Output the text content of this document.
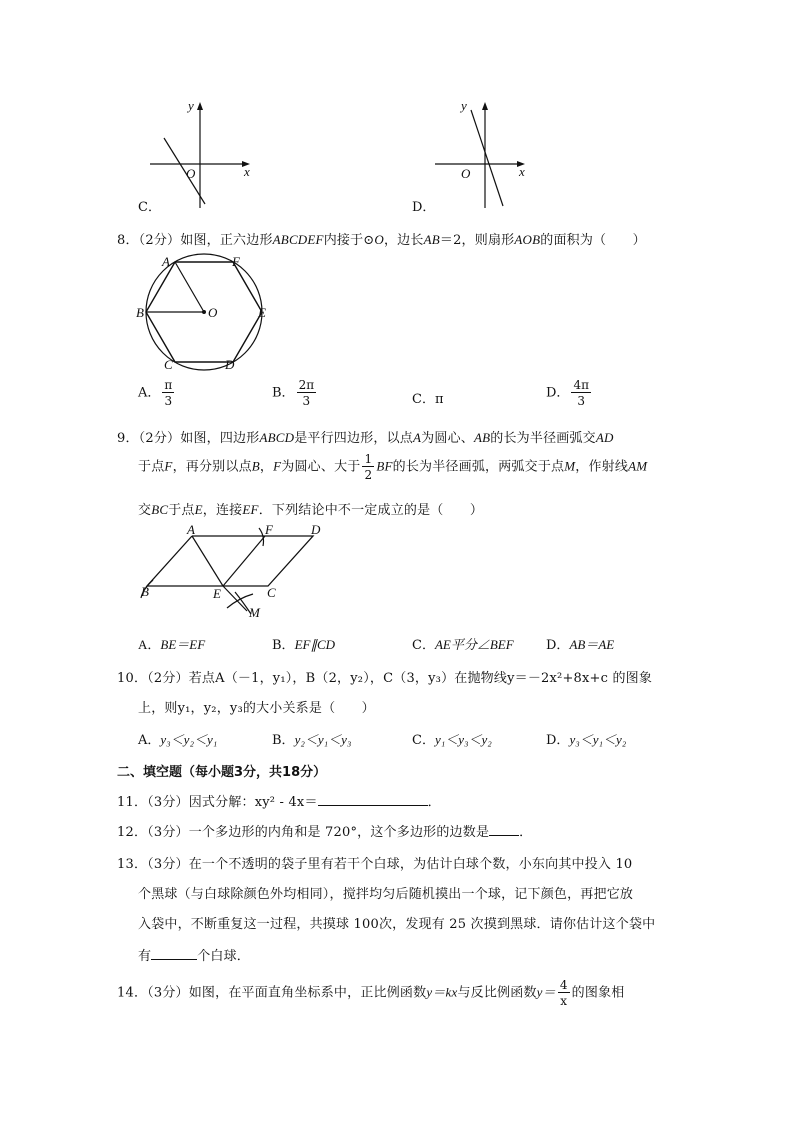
y
x
O
C．
y
x
O
D．
8．（2分）如图，正六边形ABCDEF内接于⊙O，边长AB＝2，则扇形AOB的面积为（　　）
A	F
B	O	E
C	D
A． $\frac{\pi}{3}$	B． $\frac{2\pi}{3}$	C．π	D． $\frac{4\pi}{3}$
9．（2分）如图，四边形ABCD是平行四边形，以点A为圆心、AB的长为半径画弧交AD
于点F，再分别以点B，F为圆心、大于 $\frac{1}{2}$ BF的长为半径画弧，两弧交于点M，作射线AM
交BC于点E，连接EF．下列结论中不一定成立的是（　　）
A	F	D
B	E	C
M
A．BE＝EF	B．EF∥CD	C．AE平分∠BEF D．AB＝AE
10．（2分）若点A（－1，y₁），B（2，y₂），C（3，y₃）在抛物线y＝－2x²+8x+c 的图象
上，则y₁，y₂，y₃的大小关系是（　　）
A．y₃＜y₂＜y₁	B．y₂＜y₁＜y₃	C．y₁＜y₃＜y₂	D．y₃＜y₁＜y₂
二、填空题（每小题3分，共18分）
11．（3分）因式分解：xy² - 4x＝	．
12．（3分）一个多边形的内角和是 720°，这个多边形的边数是 ．
13．（3分）在一个不透明的袋子里有若干个白球，为估计白球个数，小东向其中投入 10
个黑球（与白球除颜色外均相同），搅拌均匀后随机摸出一个球，记下颜色，再把它放
入袋中，不断重复这一过程，共摸球 100次，发现有 25 次摸到黑球．请你估计这个袋中
有	个白球．
14．（3分）如图，在平面直角坐标系中，正比例函数y＝kx与反比例函数$y= \frac{4}{x}$ 的图象相
